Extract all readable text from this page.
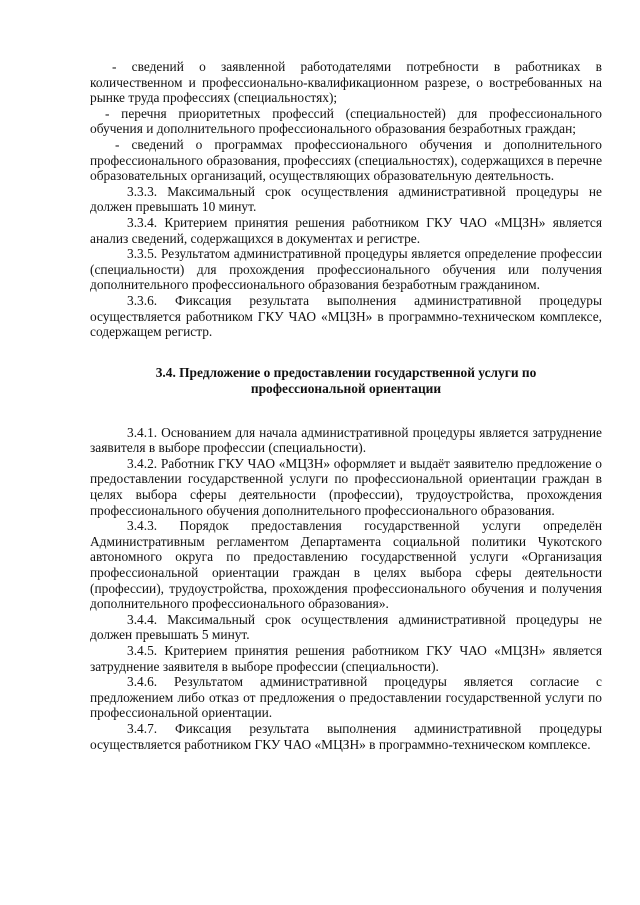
- сведений о заявленной работодателями потребности в работниках в количественном и профессионально-квалификационном разрезе, о востребованных на рынке труда профессиях (специальностях);

- перечня приоритетных профессий (специальностей) для профессионального обучения и дополнительного профессионального образования безработных граждан;

- сведений о программах профессионального обучения и дополнительного профессионального образования, профессиях (специальностях), содержащихся в перечне образовательных организаций, осуществляющих образовательную деятельность.

3.3.3. Максимальный срок осуществления административной процедуры не должен превышать 10 минут.

3.3.4. Критерием принятия решения работником ГКУ ЧАО «МЦЗН» является анализ сведений, содержащихся в документах и регистре.

3.3.5. Результатом административной процедуры является определение профессии (специальности) для прохождения профессионального обучения или получения дополнительного профессионального образования безработным гражданином.

3.3.6. Фиксация результата выполнения административной процедуры осуществляется работником ГКУ ЧАО «МЦЗН» в программно-техническом комплексе, содержащем регистр.

3.4. Предложение о предоставлении государственной услуги по профессиональной ориентации

3.4.1. Основанием для начала административной процедуры является затруднение заявителя в выборе профессии (специальности).

3.4.2. Работник ГКУ ЧАО «МЦЗН» оформляет и выдаёт заявителю предложение о предоставлении государственной услуги по профессиональной ориентации граждан в целях выбора сферы деятельности (профессии), трудоустройства, прохождения профессионального обучения дополнительного профессионального образования.

3.4.3. Порядок предоставления государственной услуги определён Административным регламентом Департамента социальной политики Чукотского автономного округа по предоставлению государственной услуги «Организация профессиональной ориентации граждан в целях выбора сферы деятельности (профессии), трудоустройства, прохождения профессионального обучения и получения дополнительного профессионального образования».

3.4.4. Максимальный срок осуществления административной процедуры не должен превышать 5 минут.

3.4.5. Критерием принятия решения работником ГКУ ЧАО «МЦЗН» является затруднение заявителя в выборе профессии (специальности).

3.4.6. Результатом административной процедуры является согласие с предложением либо отказ от предложения о предоставлении государственной услуги по профессиональной ориентации.

3.4.7. Фиксация результата выполнения административной процедуры осуществляется работником ГКУ ЧАО «МЦЗН» в программно-техническом комплексе.
